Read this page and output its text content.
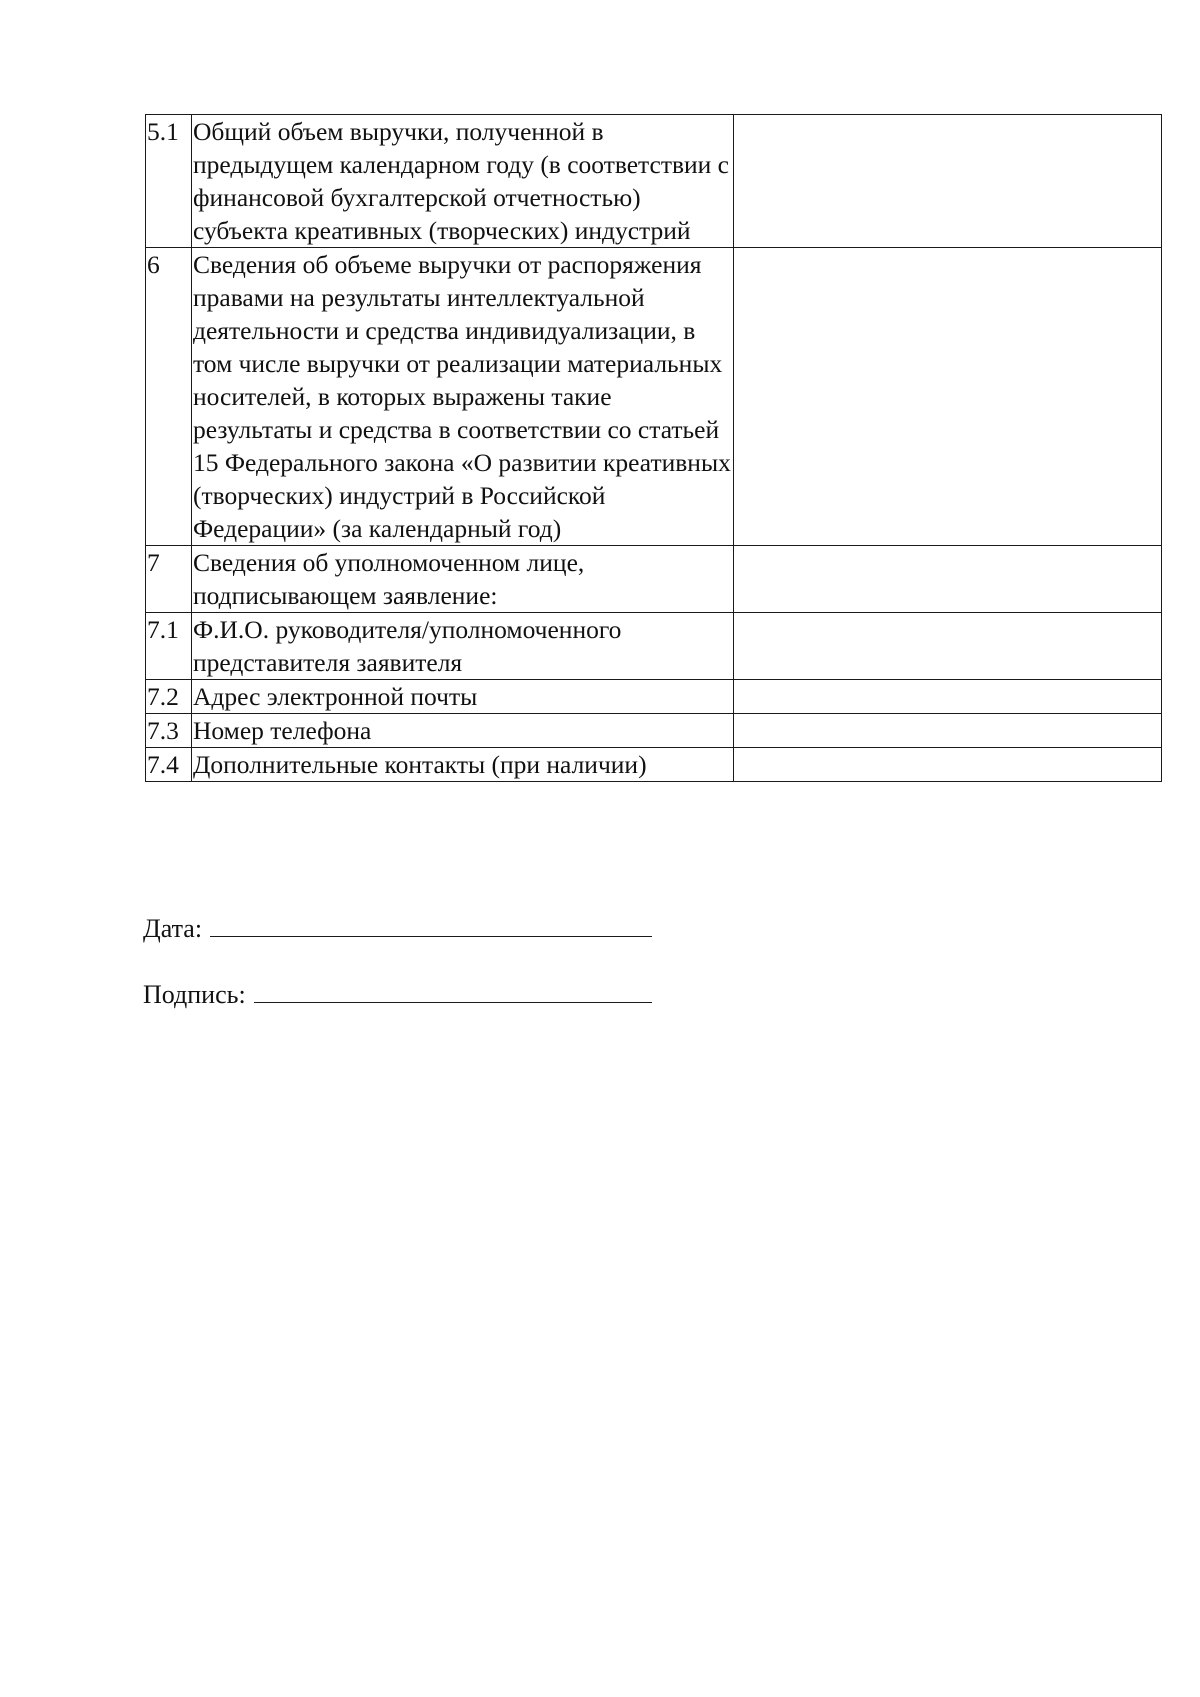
5.1	Общий объем выручки, полученной в предыдущем календарном году (в соответствии с финансовой бухгалтерской отчетностью) субъекта креативных (творческих) индустрий	
6	Сведения об объеме выручки от распоряжения правами на результаты интеллектуальной деятельности и средства индивидуализации, в том числе выручки от реализации материальных носителей, в которых выражены такие результаты и средства в соответствии со статьей 15 Федерального закона «О развитии креативных (творческих) индустрий в Российской Федерации» (за календарный год)	
7	Сведения об уполномоченном лице, подписывающем заявление:	
7.1	Ф.И.О. руководителя/уполномоченного представителя заявителя	
7.2	Адрес электронной почты	
7.3	Номер телефона	
7.4	Дополнительные контакты (при наличии)	
Дата:
Подпись:
